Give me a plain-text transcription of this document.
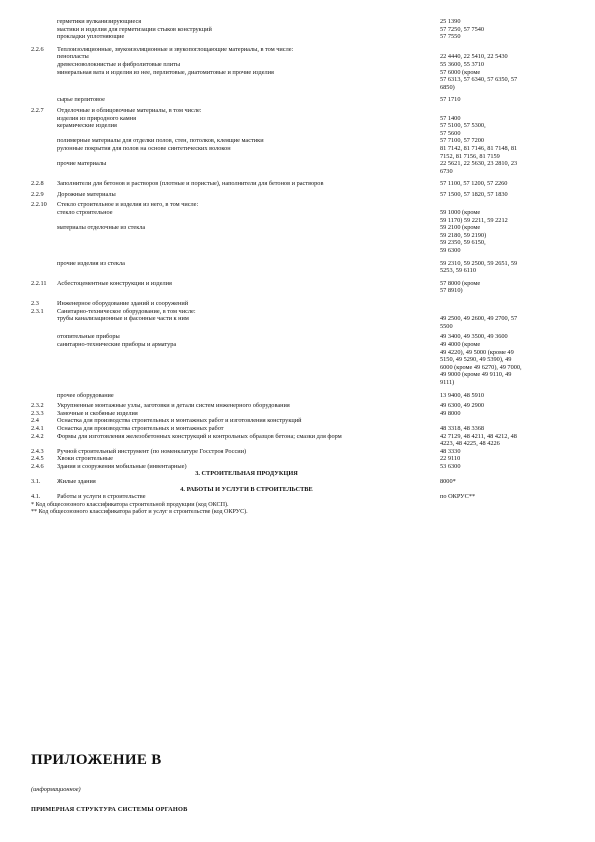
герметики вулканизирующиеся	25 1390
мастики и изделия для герметизации стыков конструкций	57 7250, 57 7540
прокладки уплотняющие	57 7550
2.2.6	Теплоизоляционные, звукоизоляционные и звукопоглощающие материалы, в том числе:
пенопласты	22 4440, 22 5410, 22 5430
древесноволокнистые и фибролитовые плиты	55 3600, 55 3710
минеральная вата и изделия из нее, перлитовые, диатомитовые и прочие изделия	57 6000 (кроме
57 6313, 57 6340, 57 6350, 57
6850)
сырье перлитовое	57 1710
2.2.7	Отделочные и облицовочные материалы, в том числе:
изделия из природного камня	57 1400
керамические изделия	57 5100, 57 5300,
57 5600
полимерные материалы для отделки полов, стен, потолков, клеящие мастики	57 7100, 57 7200
рулонные покрытия для полов на основе синтетических волокон	81 7142, 81 7146, 81 7148, 81
7152, 81 7156, 81 7159
прочие материалы	22 5621, 22 5630, 23 2810, 23
6730
2.2.8	Заполнители для бетонов и растворов (плотные и пористые), наполнители для бетонов и растворов	57 1100, 57 1200, 57 2260
2.2.9	Дорожные материалы	57 1500, 57 1820, 57 1830
2.2.10	Стекло строительное и изделия из него, в том числе:
стекло строительное	59 1000 (кроме
59 1170) 59 2211, 59 2212
материалы отделочные из стекла	59 2100 (кроме
59 2180, 59 2190)
59 2350, 59 6150,
59 6300
прочие изделия из стекла	59 2310, 59 2500, 59 2651, 59
5253, 59 6110
2.2.11	Асбестоцементные конструкции и изделия	57 8000 (кроме
57 8910)
2.3	Инженерное оборудование зданий и сооружений
2.3.1	Санитарно-техническое оборудование, в том числе:
трубы канализационные и фасонные части к ним	49 2500, 49 2600, 49 2700, 57
5500
отопительные приборы	49 3400, 49 3500, 49 3600
санитарно-технические приборы и арматура	49 4000 (кроме
49 4220), 49 5000 (кроме 49
5150, 49 5290, 49 5390), 49
6000 (кроме 49 6270), 49 7000,
49 9000 (кроме 49 9110, 49
9111)
прочее оборудование	13 9400, 48 5910
2.3.2	Укрупненные монтажные узлы, заготовки и детали систем инженерного оборудования	49 6300, 49 2900
2.3.3	Замочные и скобяные изделия	49 8000
2.4	Оснастка для производства строительных и монтажных работ и изготовления конструкций
2.4.1	Оснастка для производства строительных и монтажных работ	48 3318, 48 3368
2.4.2	Формы для изготовления железобетонных конструкций и контрольных образцов бетона; смазки для форм	42 7129, 48 4211, 48 4212, 48
4223, 48 4225, 48 4226
2.4.3	Ручной строительный инструмент (по номенклатуре Госстроя России)	48 3330
2.4.5	Хвоки строительные	22 9110
2.4.6	Здания и сооружения мобильные (инвентарные)	53 6300
3. СТРОИТЕЛЬНАЯ ПРОДУКЦИЯ
3.1.	Жилые здания	8000*
4. РАБОТЫ И УСЛУГИ В СТРОИТЕЛЬСТВЕ
4.1.	Работы и услуги в строительстве	по ОКРУС**
* Код общесоюзного классификатора строительной продукции (код ОКСП).
** Код общесоюзного классификатора работ и услуг в строительстве (код ОКРУС).
ПРИЛОЖЕНИЕ В
(информационное)
ПРИМЕРНАЯ СТРУКТУРА СИСТЕМЫ ОРГАНОВ
